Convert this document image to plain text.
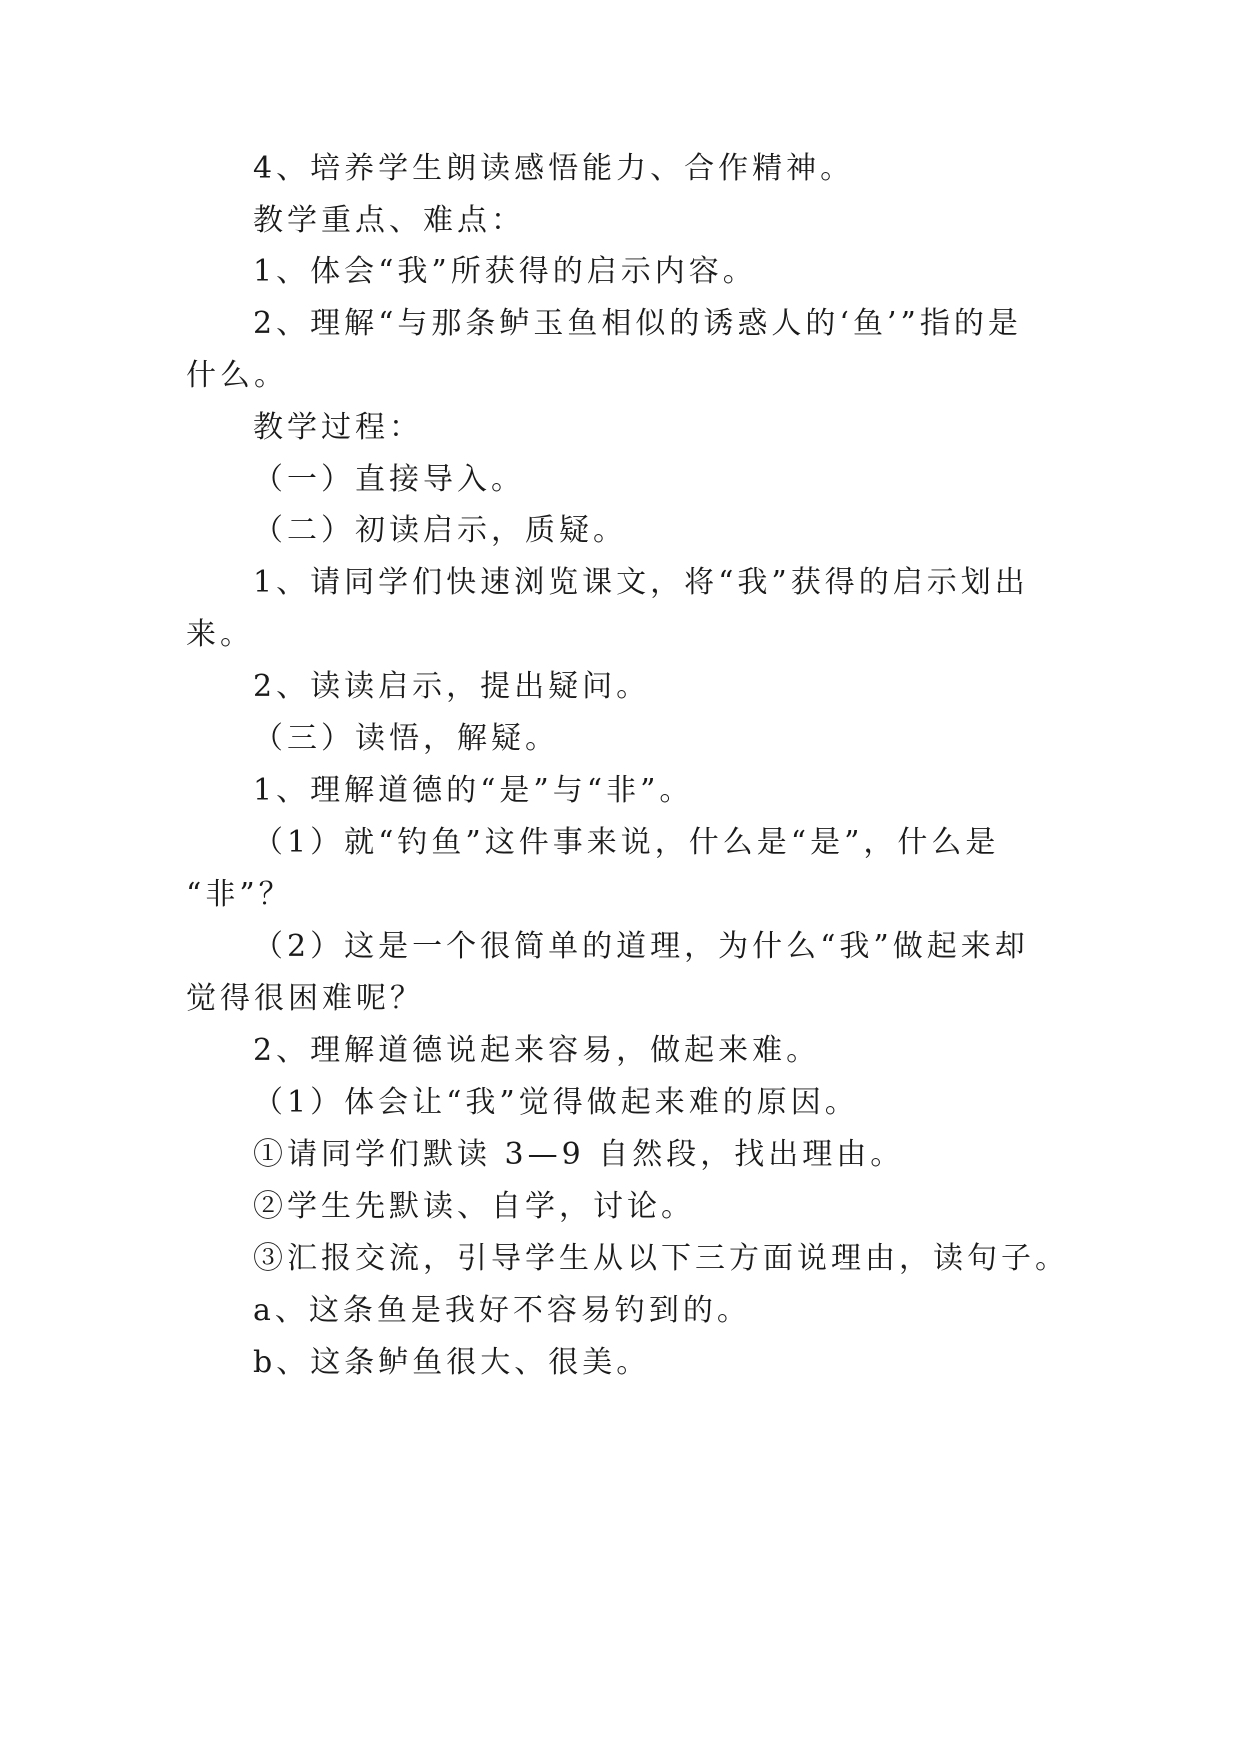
4、培养学生朗读感悟能力、合作精神。
教学重点、难点：
1、体会“我”所获得的启示内容。
2、理解“与那条鲈玉鱼相似的诱惑人的‘鱼’”指的是
什么。
教学过程：
（一）直接导入。
（二）初读启示，质疑。
1、请同学们快速浏览课文，将“我”获得的启示划出
来。
2、读读启示，提出疑问。
（三）读悟，解疑。
1、理解道德的“是”与“非”。
（1）就“钓鱼”这件事来说，什么是“是”，什么是
“非”？
（2）这是一个很简单的道理，为什么“我”做起来却
觉得很困难呢？
2、理解道德说起来容易，做起来难。
（1）体会让“我”觉得做起来难的原因。
①请同学们默读 3—9 自然段，找出理由。
②学生先默读、自学，讨论。
③汇报交流，引导学生从以下三方面说理由，读句子。
a、这条鱼是我好不容易钓到的。
b、这条鲈鱼很大、很美。
